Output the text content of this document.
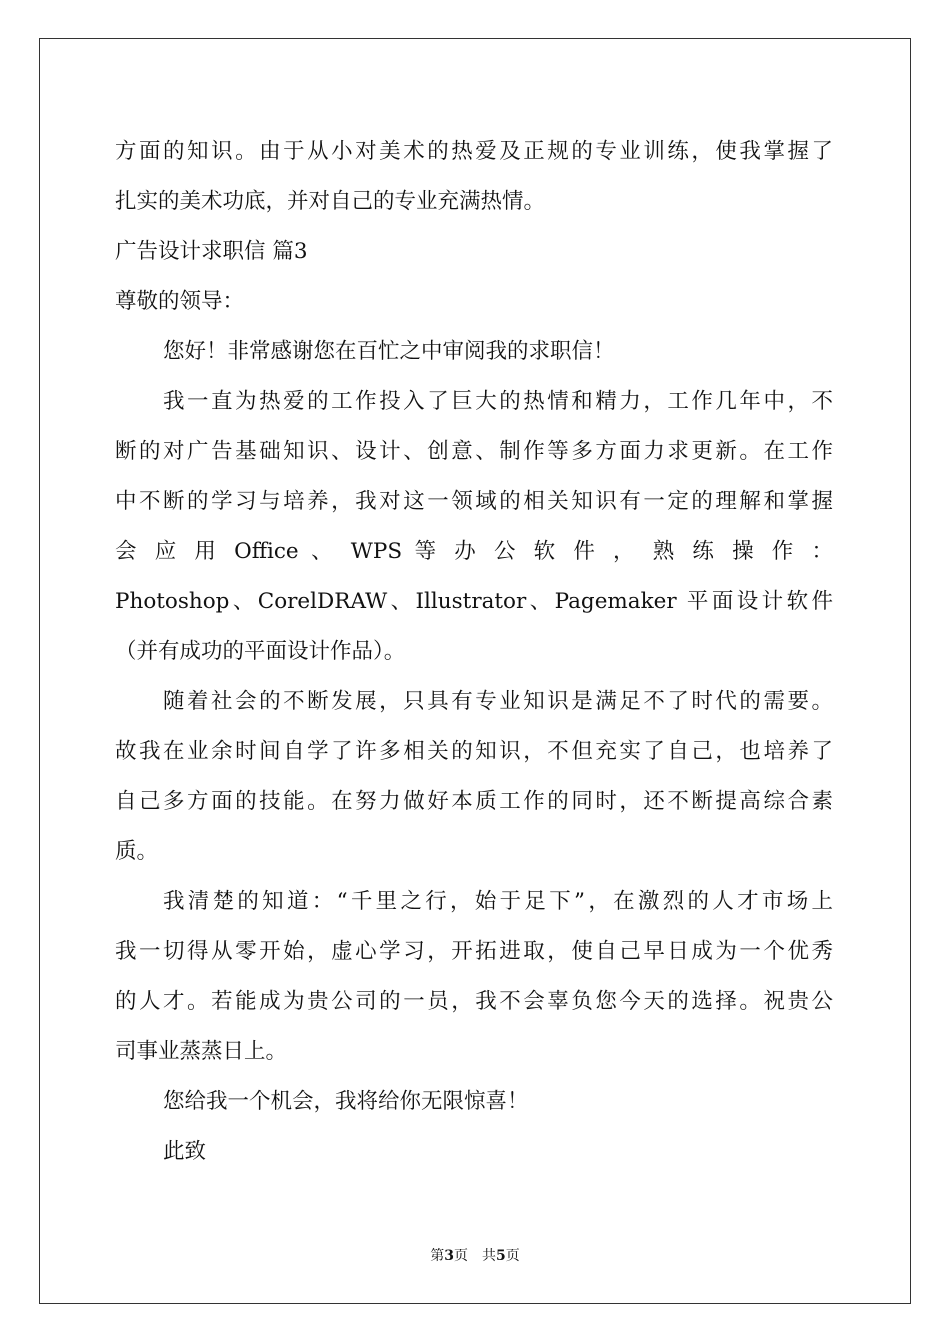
方面的知识。由于从小对美术的热爱及正规的专业训练，使我掌握了
扎实的美术功底，并对自己的专业充满热情。
广告设计求职信 篇3
尊敬的领导：
您好！非常感谢您在百忙之中审阅我的求职信！
我一直为热爱的工作投入了巨大的热情和精力，工作几年中，不
断的对广告基础知识、设计、创意、制作等多方面力求更新。在工作
中不断的学习与培养，我对这一领域的相关知识有一定的理解和掌握
会 应 用 Office 、 WPS 等 办 公 软 件 ， 熟 练 操 作 ：
Photoshop、CorelDRAW、Illustrator、Pagemaker 平面设计软件
（并有成功的平面设计作品）。
随着社会的不断发展，只具有专业知识是满足不了时代的需要。
故我在业余时间自学了许多相关的知识，不但充实了自己，也培养了
自己多方面的技能。在努力做好本质工作的同时，还不断提高综合素
质。
我清楚的知道：“千里之行，始于足下”，在激烈的人才市场上
我一切得从零开始，虚心学习，开拓进取，使自己早日成为一个优秀
的人才。若能成为贵公司的一员，我不会辜负您今天的选择。祝贵公
司事业蒸蒸日上。
您给我一个机会，我将给你无限惊喜！
此致
第3页　共5页
